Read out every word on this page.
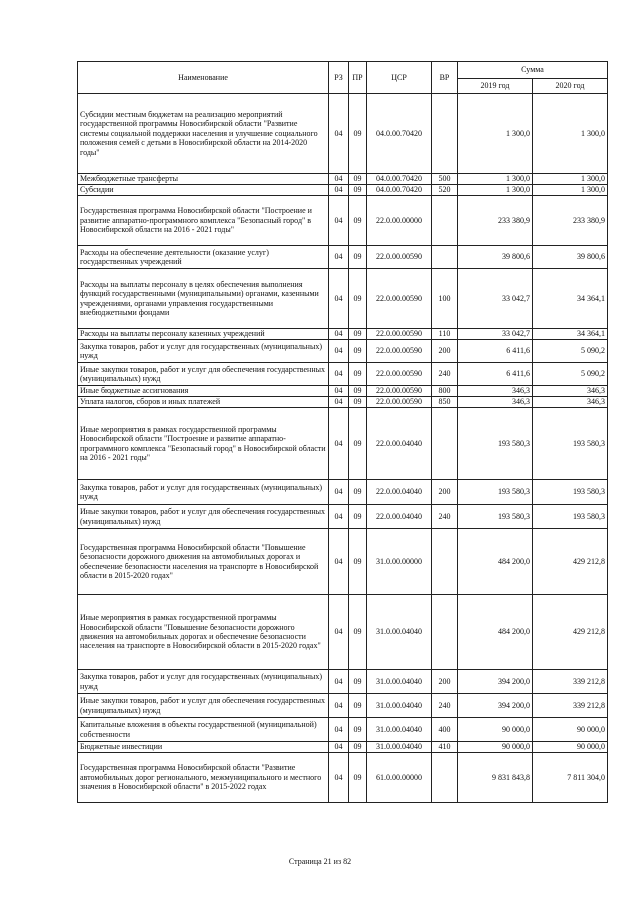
Наименование	РЗ	ПР	ЦСР	ВР	Сумма	
					2019 год	2020 год
Субсидии местным бюджетам на реализацию мероприятий государственной программы Новосибирской области "Развитие системы социальной поддержки населения и улучшение социального положения семей с детьми в Новосибирской области на 2014-2020 годы"	04	09	04.0.00.70420		1 300,0	1 300,0
Межбюджетные трансферты	04	09	04.0.00.70420	500	1 300,0	1 300,0
Субсидии	04	09	04.0.00.70420	520	1 300,0	1 300,0
Государственная программа Новосибирской области "Построение и развитие аппаратно-программного комплекса "Безопасный город" в Новосибирской области на 2016 - 2021 годы"	04	09	22.0.00.00000		233 380,9	233 380,9
Расходы на обеспечение деятельности (оказание услуг) государственных учреждений	04	09	22.0.00.00590		39 800,6	39 800,6
Расходы на выплаты персоналу в целях обеспечения выполнения функций государственными (муниципальными) органами, казенными учреждениями, органами управления государственными внебюджетными фондами	04	09	22.0.00.00590	100	33 042,7	34 364,1
Расходы на выплаты персоналу казенных учреждений	04	09	22.0.00.00590	110	33 042,7	34 364,1
Закупка товаров, работ и услуг для государственных (муниципальных) нужд	04	09	22.0.00.00590	200	6 411,6	5 090,2
Иные закупки товаров, работ и услуг для обеспечения государственных (муниципальных) нужд	04	09	22.0.00.00590	240	6 411,6	5 090,2
Иные бюджетные ассигнования	04	09	22.0.00.00590	800	346,3	346,3
Уплата налогов, сборов и иных платежей	04	09	22.0.00.00590	850	346,3	346,3
Иные мероприятия в рамках государственной программы Новосибирской области "Построение и развитие аппаратно-программного комплекса "Безопасный город" в Новосибирской области на 2016 - 2021 годы"	04	09	22.0.00.04040		193 580,3	193 580,3
Закупка товаров, работ и услуг для государственных (муниципальных) нужд	04	09	22.0.00.04040	200	193 580,3	193 580,3
Иные закупки товаров, работ и услуг для обеспечения государственных (муниципальных) нужд	04	09	22.0.00.04040	240	193 580,3	193 580,3
Государственная программа Новосибирской области "Повышение безопасности дорожного движения на автомобильных дорогах и обеспечение безопасности населения на транспорте в Новосибирской области в 2015-2020 годах"	04	09	31.0.00.00000		484 200,0	429 212,8
Иные мероприятия в рамках государственной программы Новосибирской области "Повышение безопасности дорожного движения на автомобильных дорогах и обеспечение безопасности населения на транспорте в Новосибирской области в 2015-2020 годах"	04	09	31.0.00.04040		484 200,0	429 212,8
Закупка товаров, работ и услуг для государственных (муниципальных) нужд	04	09	31.0.00.04040	200	394 200,0	339 212,8
Иные закупки товаров, работ и услуг для обеспечения государственных (муниципальных) нужд	04	09	31.0.00.04040	240	394 200,0	339 212,8
Капитальные вложения в объекты государственной (муниципальной) собственности	04	09	31.0.00.04040	400	90 000,0	90 000,0
Бюджетные инвестиции	04	09	31.0.00.04040	410	90 000,0	90 000,0
Государственная программа Новосибирской области "Развитие автомобильных дорог регионального, межмуниципального и местного значения в Новосибирской области" в 2015-2022 годах	04	09	61.0.00.00000		9 831 843,8	7 811 304,0
Страница 21 из 82
